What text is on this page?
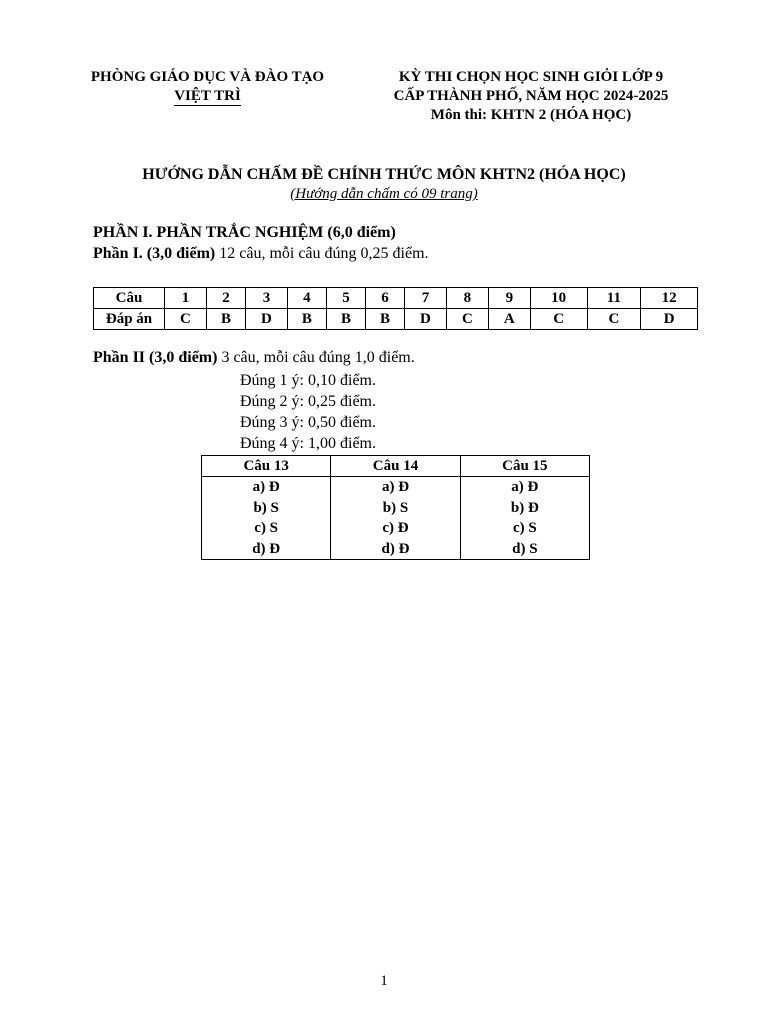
PHÒNG GIÁO DỤC VÀ ĐÀO TẠO
VIỆT TRÌ
KỲ THI CHỌN HỌC SINH GIỎI LỚP 9
CẤP THÀNH PHỐ, NĂM HỌC 2024-2025
Môn thi: KHTN 2 (HÓA HỌC)
HƯỚNG DẪN CHẤM ĐỀ CHÍNH THỨC MÔN KHTN2 (HÓA HỌC)
(Hướng dẫn chấm có 09 trang)
PHẦN I. PHẦN TRẮC NGHIỆM (6,0 điểm)
Phần I. (3,0 điểm) 12 câu, mỗi câu đúng 0,25 điểm.
Câu	1	2	3	4	5	6	7	8	9	10	11	12
Đáp án	C	B	D	B	B	B	D	C	A	C	C	D
Phần II (3,0 điểm) 3 câu, mỗi câu đúng 1,0 điểm.
Đúng 1 ý: 0,10 điểm.
Đúng 2 ý: 0,25 điểm.
Đúng 3 ý: 0,50 điểm.
Đúng 4 ý: 1,00 điểm.
Câu 13	Câu 14	Câu 15
a) Đ	a) Đ	a) Đ
b) S	b) S	b) Đ
c) S	c) Đ	c) S
d) Đ	d) Đ	d) S
1
